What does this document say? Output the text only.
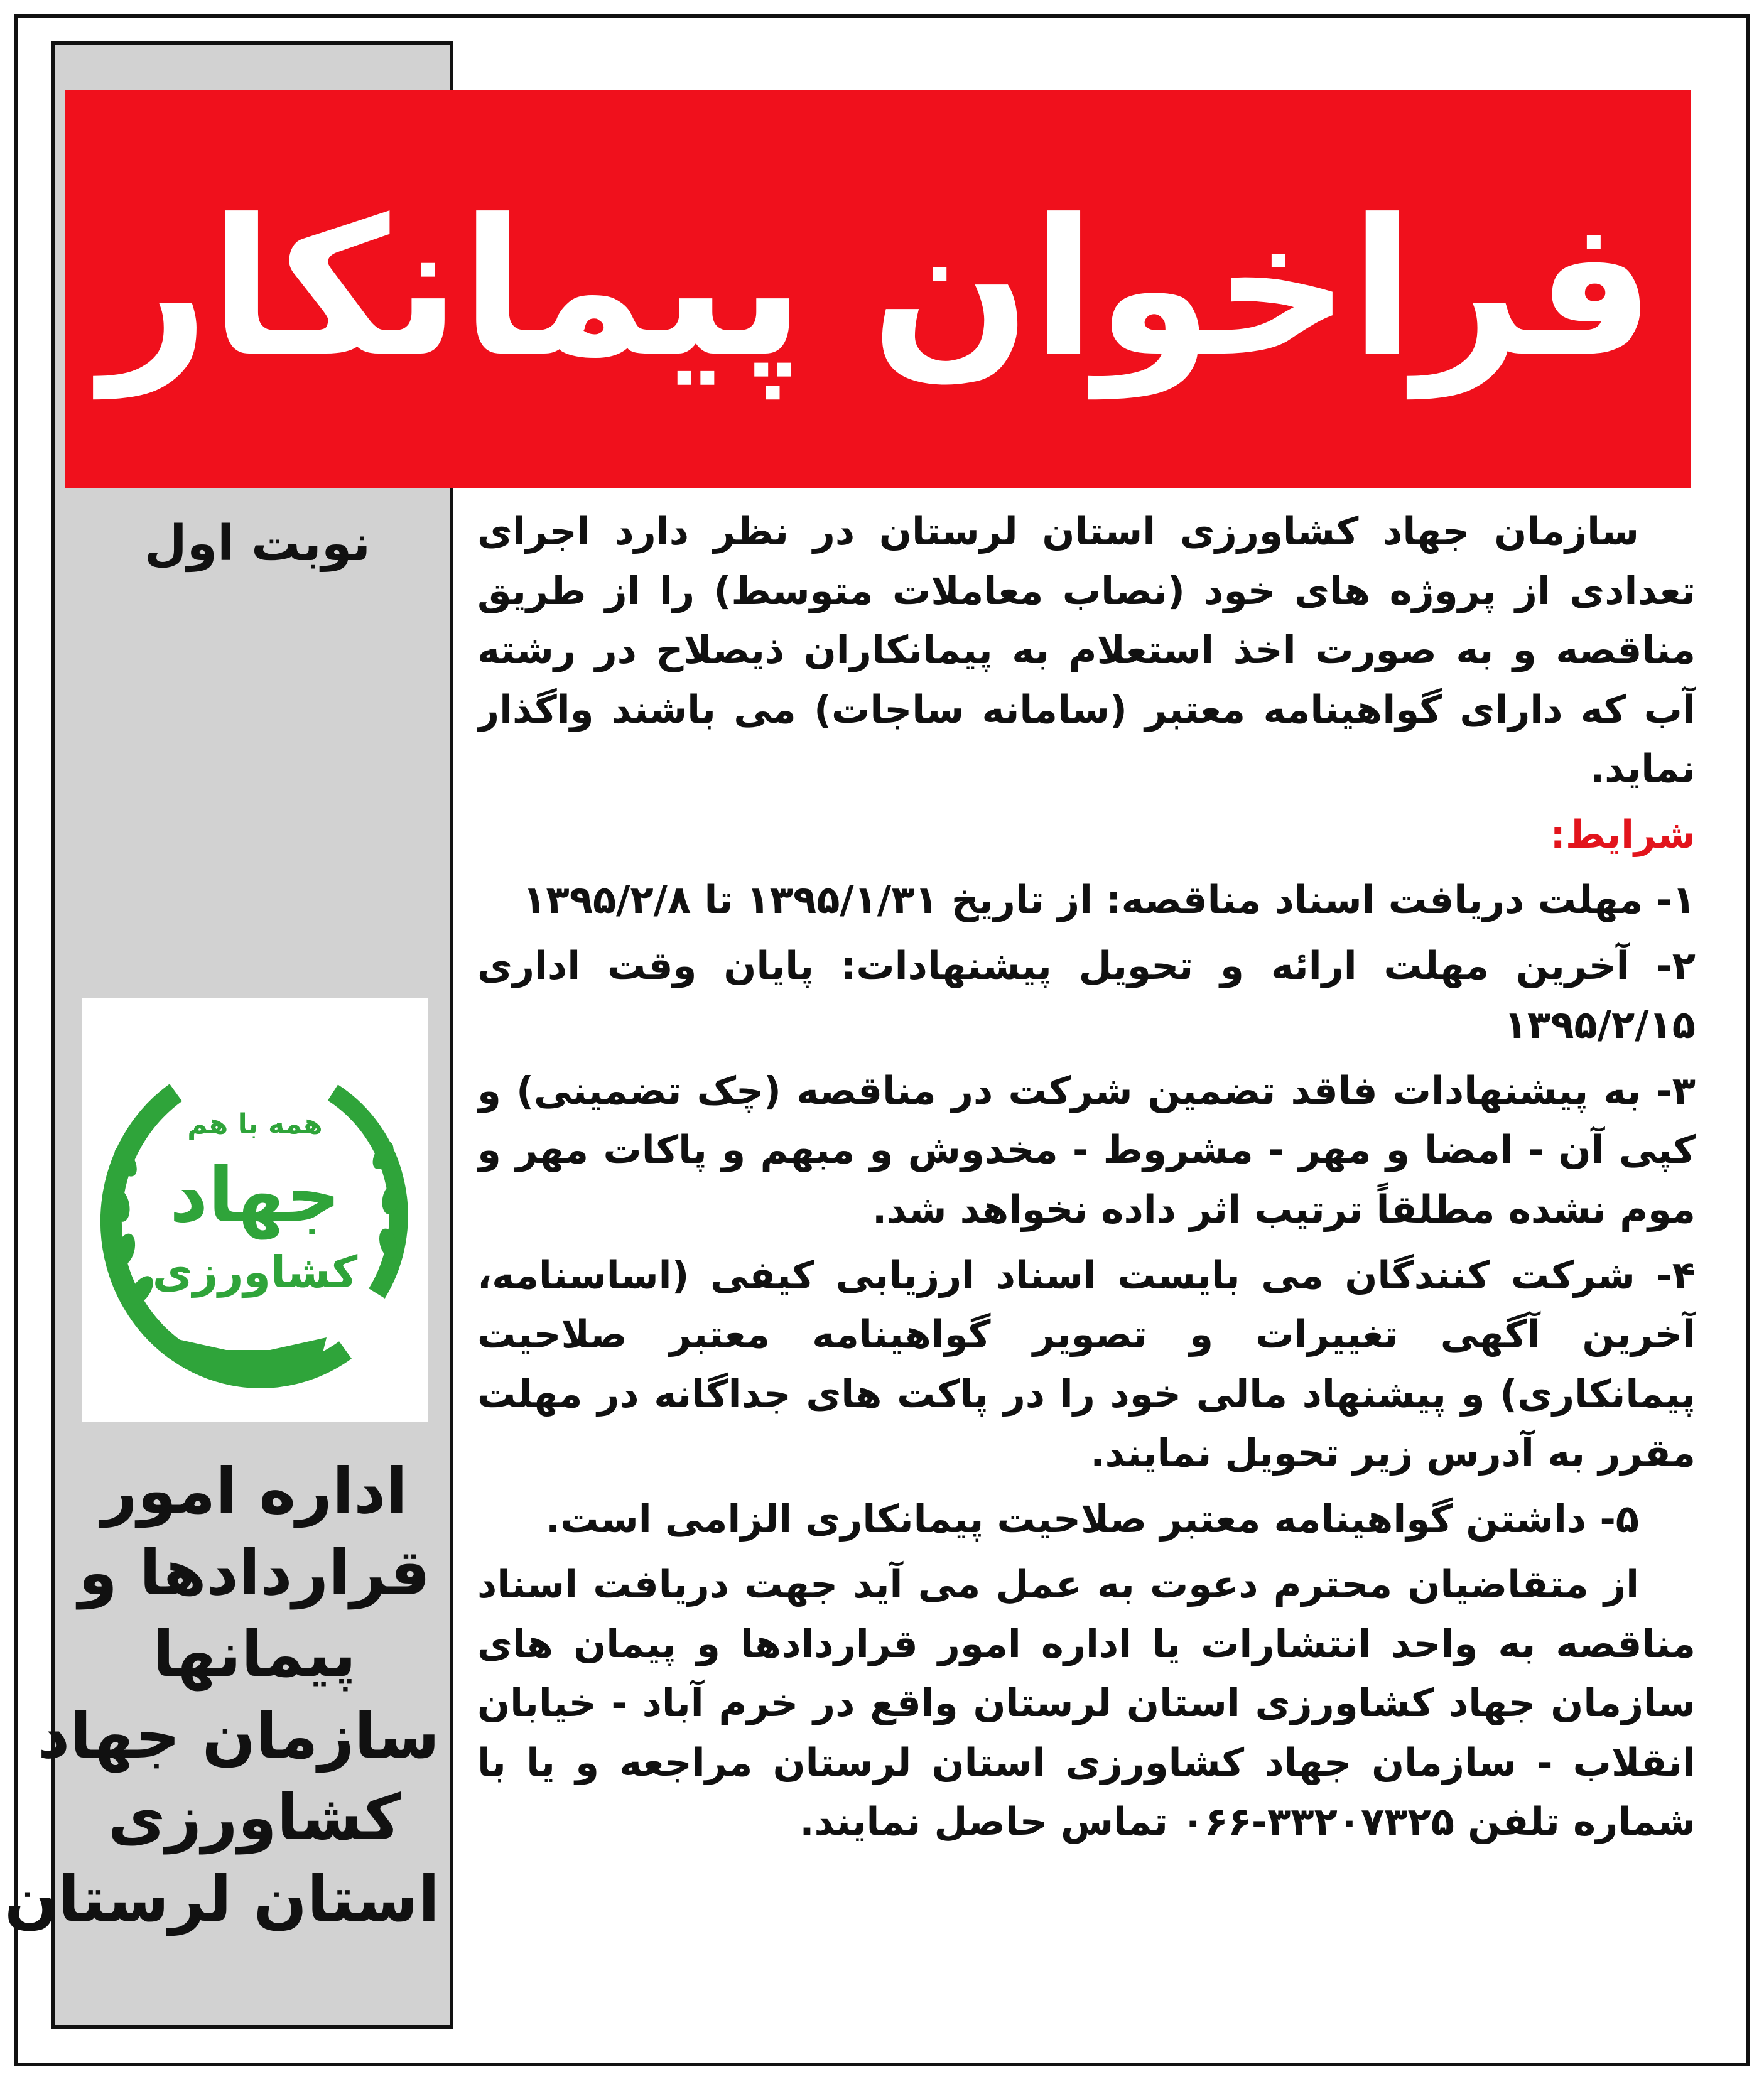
فراخوان پیمانکار
نوبت اول
همه با هم
جهاد
کشاورزی
اداره امور
قراردادها و
پیمانها
سازمان جهاد
کشاورزی
استان لرستان

سازمان جهاد کشاورزی استان لرستان در نظر دارد اجرای تعدادی از پروژه های خود (نصاب معاملات متوسط) را از طریق مناقصه و به صورت اخذ استعلام به پیمانکاران ذیصلاح در رشته آب که دارای گواهینامه معتبر (سامانه ساجات) می باشند واگذار نماید.

شرایط:

۱- مهلت دریافت اسناد مناقصه: از تاریخ ۱۳۹۵/۱/۳۱ تا ۱۳۹۵/۲/۸

۲- آخرین مهلت ارائه و تحویل پیشنهادات: پایان وقت اداری ۱۳۹۵/۲/۱۵

۳- به پیشنهادات فاقد تضمین شرکت در مناقصه (چک تضمینی) و کپی آن - امضا و مهر - مشروط - مخدوش و مبهم و پاکات مهر و موم نشده مطلقاً ترتیب اثر داده نخواهد شد.

۴- شرکت کنندگان می بایست اسناد ارزیابی کیفی (اساسنامه، آخرین آگهی تغییرات و تصویر گواهینامه معتبر صلاحیت پیمانکاری) و پیشنهاد مالی خود را در پاکت های جداگانه در مهلت مقرر به آدرس زیر تحویل نمایند.

۵- داشتن گواهینامه معتبر صلاحیت پیمانکاری الزامی است.

از متقاضیان محترم دعوت به عمل می آید جهت دریافت اسناد مناقصه به واحد انتشارات یا اداره امور قراردادها و پیمان های سازمان جهاد کشاورزی استان لرستان واقع در خرم آباد - خیابان انقلاب - سازمان جهاد کشاورزی استان لرستان مراجعه و یا با شماره تلفن ۳۳۲۰۷۳۲۵-۰۶۶ تماس حاصل نمایند.
